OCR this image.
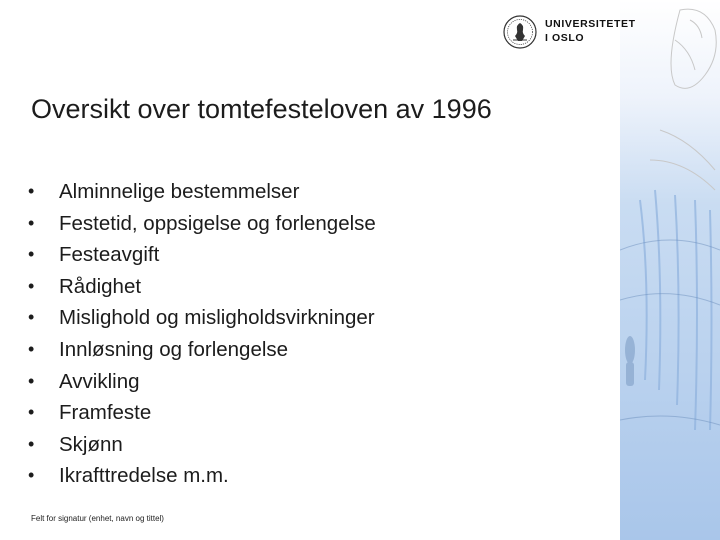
UNIVERSITETET
I OSLO
Oversikt over tomtefesteloven av 1996
•	Alminnelige bestemmelser
•	Festetid, oppsigelse og forlengelse
•	Festeavgift
•	Rådighet
•	Mislighold og misligholdsvirkninger
•	Innløsning og forlengelse
•	Avvikling
•	Framfeste
•	Skjønn
•	Ikrafttredelse m.m.
Felt for signatur (enhet, navn og tittel)
